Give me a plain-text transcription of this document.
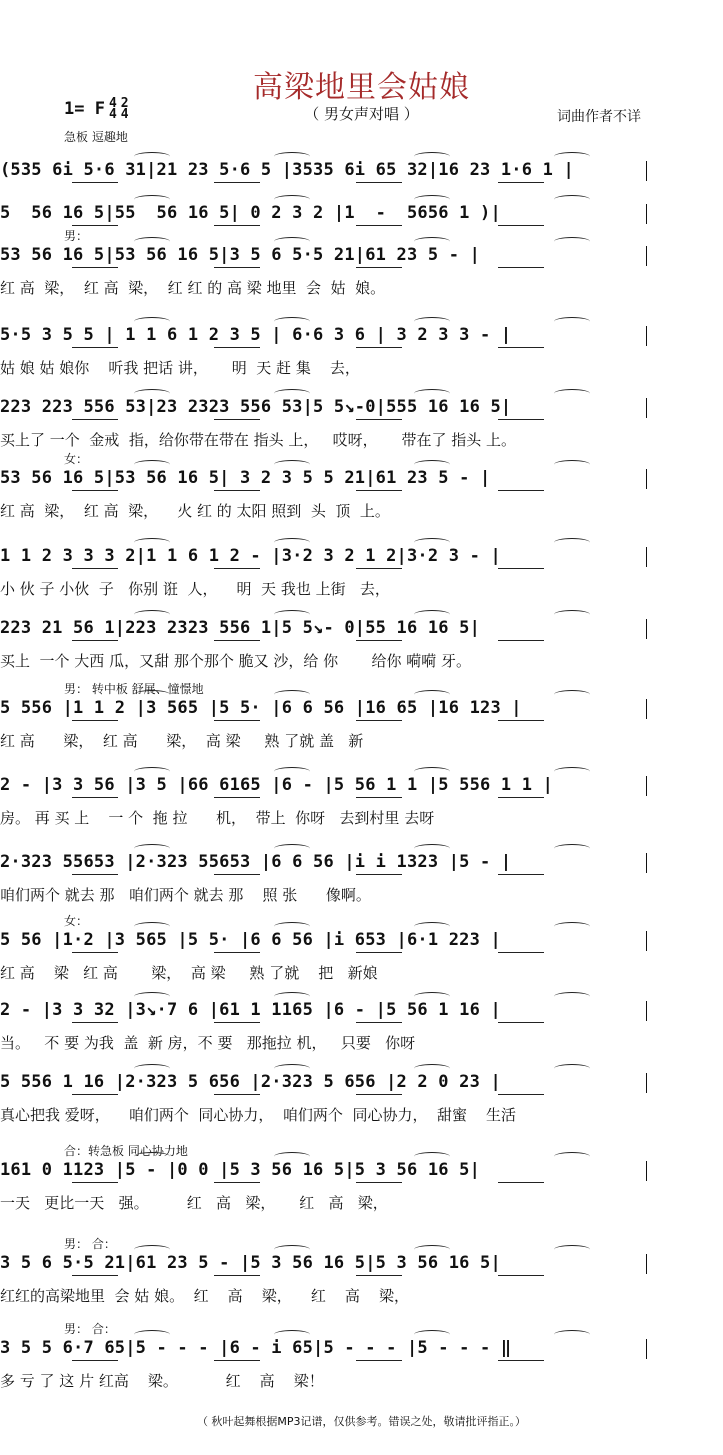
高梁地里会姑娘
（ 男女声对唱 ）	词曲作者不详
1= F 4
4
2
4
急板 逗趣地
(535 6i 5·6 31|21 23 5·6 5 |3535 6i 65 32|16 23 1·6 1 |
5  56 16 5|55  56 16 5| 0 2 3 2 |1  -  5656 1 )|
男：
53 56 16 5|53 56 16 5|3 5 6 5·5 21|61 23 5 - |
红 高  梁，  红 高  梁，  红 红 的 高 梁 地里  会  姑  娘。
5·5 3 5 5 | 1 1 6 1 2 3 5 | 6·6 3 6 | 3 2 3 3 - |
姑 娘 姑 娘你    听我 把话 讲，     明  天 赶 集    去，
223 223 556 53|23 2323 556 53|5 5↘-0|555 16 16 5|
买上了 一个  金戒  指，给你带在带在 指头 上，   哎呀，     带在了 指头 上。
女：
53 56 16 5|53 56 16 5| 3 2 3 5 5 21|61 23 5 - |
红 高  梁，  红 高  梁，    火 红 的 太阳 照到  头  顶  上。
1 1 2 3 3 3 2|1 1 6 1 2 - |3·2 3 2 1 2|3·2 3 - |
小 伙 子 小伙  子   你别 诳  人，    明  天 我也 上街   去，
223 21 56 1|223 2323 556 1|5 5↘- 0|55 16 16 5|
买上  一个 大西 瓜，又甜 那个那个 脆又 沙，给 你       给你 嗬嗬 牙。
男： 转中板 舒展、憧憬地
5 556 |1 1 2 |3 565 |5 5· |6 6 56 |16 65 |16 123 |
红 高      梁，  红 高      梁，  高 梁     熟 了就 盖   新
2 - |3 3 56 |3 5 |66 6165 |6 - |5 56 1 1 |5 556 1 1 |
房。 再 买 上    一 个  拖 拉      机，  带上  你呀   去到村里 去呀
2·323 55653 |2·323 55653 |6 6 56 |i i 1323 |5 - |
咱们两个 就去 那   咱们两个 就去 那    照 张      像啊。
女：
5 56 |1·2 |3 565 |5 5· |6 6 56 |i 653 |6·1 223 |
红 高    梁   红 高       梁，  高 梁     熟 了就    把   新娘
2 - |3 3 32 |3↘·7 6 |61 1 1165 |6 - |5 56 1 16 |
当。   不 要 为我  盖  新 房，不 要   那拖拉 机，   只要   你呀
5 556 1 16 |2·323 5 656 |2·323 5 656 |2 2 0 23 |
真心把我 爱呀，    咱们两个  同心协力，  咱们两个  同心协力，  甜蜜    生活
合：转急板 同心协力地
161 0 1123 |5 - |0 0 |5 3 56 16 5|5 3 56 16 5|
一天   更比一天   强。        红   高   梁，     红   高   梁，
男： 合：
3 5 6 5·5 21|61 23 5 - |5 3 56 16 5|5 3 56 16 5|
红红的高梁地里  会 姑 娘。  红    高    梁，    红    高    梁，
男： 合：
3 5 5 6·7 65|5 - - - |6 - i 65|5 - - - |5 - - - ‖
多 亏 了 这 片 红高    梁。          红    高    梁！
（ 秋叶起舞根据MP3记谱，仅供参考。错误之处，敬请批评指正。）
